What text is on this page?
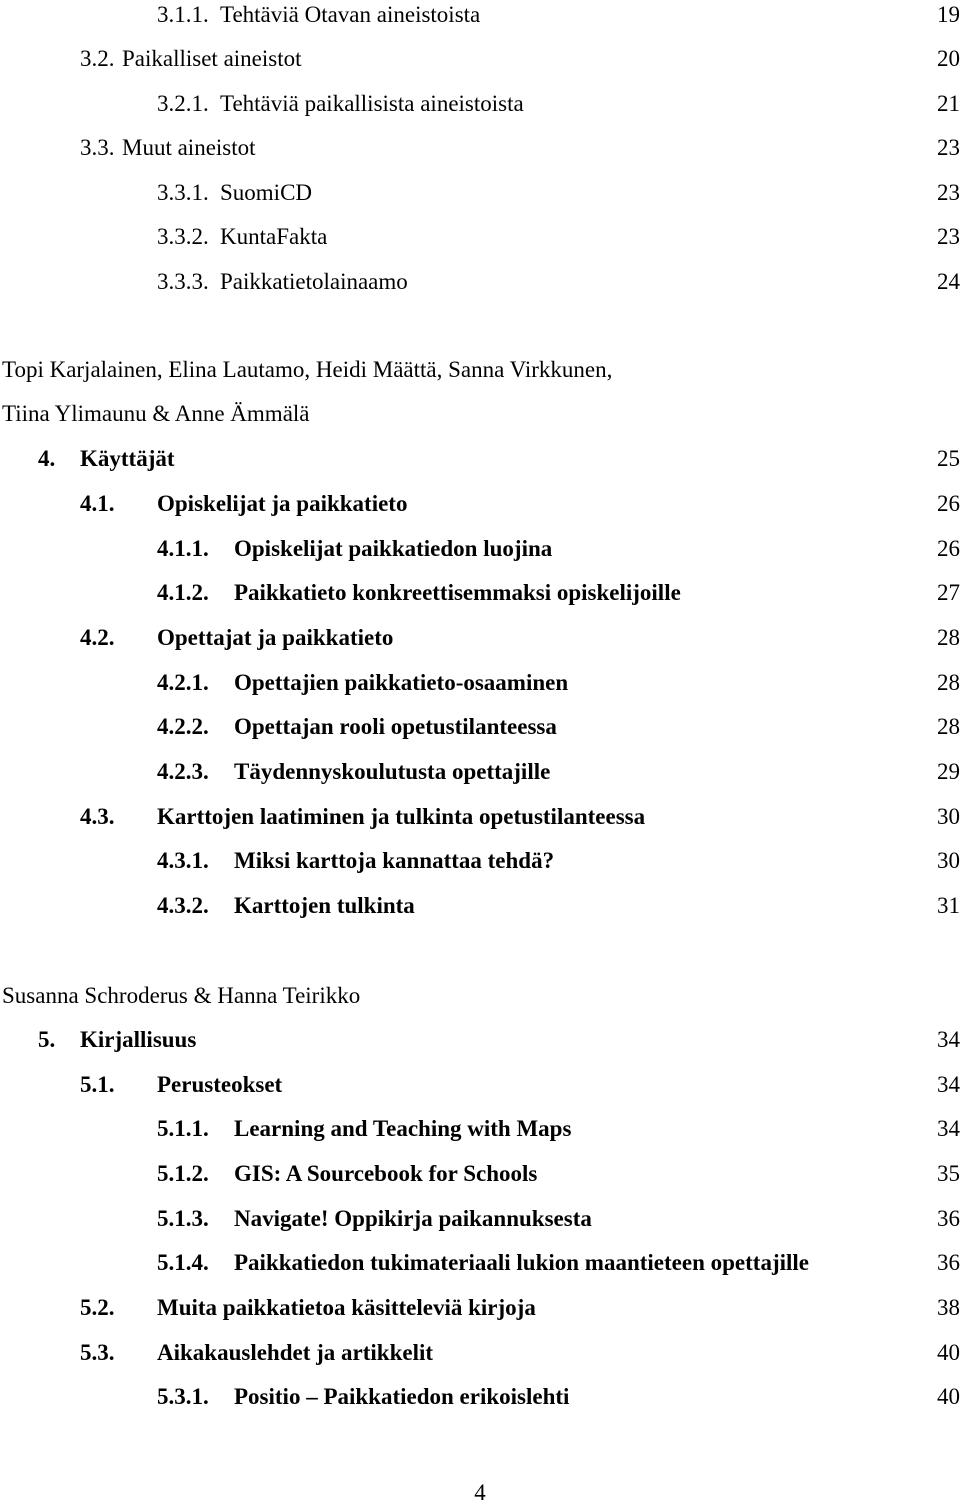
3.1.1. Tehtäviä Otavan aineistoista	19
3.2. Paikalliset aineistot	20
3.2.1. Tehtäviä paikallisista aineistoista	21
3.3. Muut aineistot	23
3.3.1. SuomiCD	23
3.3.2. KuntaFakta	23
3.3.3. Paikkatietolainaamo	24
Topi Karjalainen, Elina Lautamo, Heidi Määttä, Sanna Virkkunen,
Tiina Ylimaunu & Anne Ämmälä
4. Käyttäjät	25
4.1. Opiskelijat ja paikkatieto	26
4.1.1. Opiskelijat paikkatiedon luojina	26
4.1.2. Paikkatieto konkreettisemmaksi opiskelijoille	27
4.2. Opettajat ja paikkatieto	28
4.2.1. Opettajien paikkatieto-osaaminen	28
4.2.2. Opettajan rooli opetustilanteessa	28
4.2.3. Täydennyskoulutusta opettajille	29
4.3. Karttojen laatiminen ja tulkinta opetustilanteessa	30
4.3.1. Miksi karttoja kannattaa tehdä?	30
4.3.2. Karttojen tulkinta	31
Susanna Schroderus & Hanna Teirikko
5. Kirjallisuus	34
5.1. Perusteokset	34
5.1.1. Learning and Teaching with Maps	34
5.1.2. GIS: A Sourcebook for Schools	35
5.1.3. Navigate! Oppikirja paikannuksesta	36
5.1.4. Paikkatiedon tukimateriaali lukion maantieteen opettajille	36
5.2. Muita paikkatietoa käsitteleviä kirjoja	38
5.3. Aikakauslehdet ja artikkelit	40
5.3.1. Positio – Paikkatiedon erikoislehti	40
4
